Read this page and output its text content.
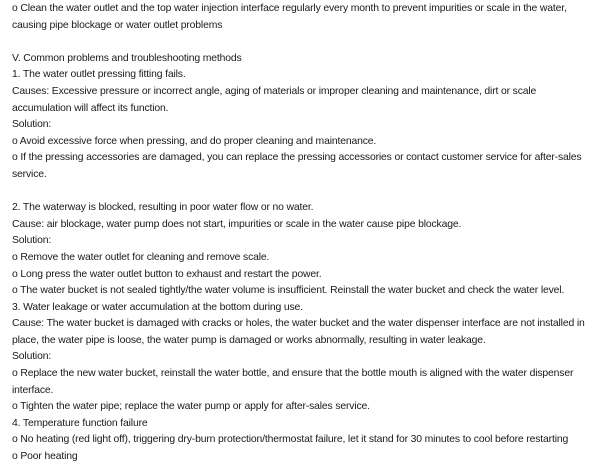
o Clean the water outlet and the top water injection interface regularly every month to prevent impurities or scale in the water, causing pipe blockage or water outlet problems
V. Common problems and troubleshooting methods
1. The water outlet pressing fitting fails.
Causes: Excessive pressure or incorrect angle, aging of materials or improper cleaning and maintenance, dirt or scale accumulation will affect its function.
Solution:
o Avoid excessive force when pressing, and do proper cleaning and maintenance.
o If the pressing accessories are damaged, you can replace the pressing accessories or contact customer service for after-sales service.
2. The waterway is blocked, resulting in poor water flow or no water.
Cause: air blockage, water pump does not start, impurities or scale in the water cause pipe blockage.
Solution:
o Remove the water outlet for cleaning and remove scale.
o Long press the water outlet button to exhaust and restart the power.
o The water bucket is not sealed tightly/the water volume is insufficient. Reinstall the water bucket and check the water level.
3. Water leakage or water accumulation at the bottom during use.
Cause: The water bucket is damaged with cracks or holes, the water bucket and the water dispenser interface are not installed in place, the water pipe is loose, the water pump is damaged or works abnormally, resulting in water leakage.
Solution:
o Replace the new water bucket, reinstall the water bottle, and ensure that the bottle mouth is aligned with the water dispenser interface.
o Tighten the water pipe; replace the water pump or apply for after-sales service.
4. Temperature function failure
o No heating (red light off), triggering dry-burn protection/thermostat failure, let it stand for 30 minutes to cool before restarting
o Poor heating
